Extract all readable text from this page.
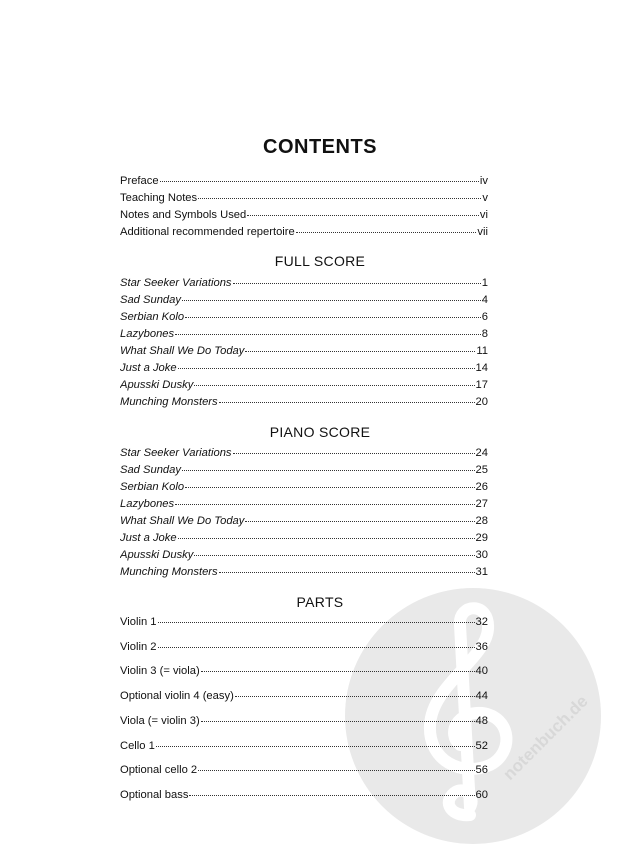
notenbuch.de
CONTENTS
Preface	iv
Teaching Notes	v
Notes and Symbols Used	vi
Additional recommended repertoire	vii
FULL SCORE
Star Seeker Variations	1
Sad Sunday	4
Serbian Kolo	6
Lazybones	8
What Shall We Do Today	11
Just a Joke	14
Apusski Dusky	17
Munching Monsters	20
PIANO SCORE
Star Seeker Variations	24
Sad Sunday	25
Serbian Kolo	26
Lazybones	27
What Shall We Do Today	28
Just a Joke	29
Apusski Dusky	30
Munching Monsters	31
PARTS
Violin 1	32
Violin 2	36
Violin 3 (= viola)	40
Optional violin 4 (easy)	44
Viola (= violin 3)	48
Cello 1	52
Optional cello 2	56
Optional bass	60
